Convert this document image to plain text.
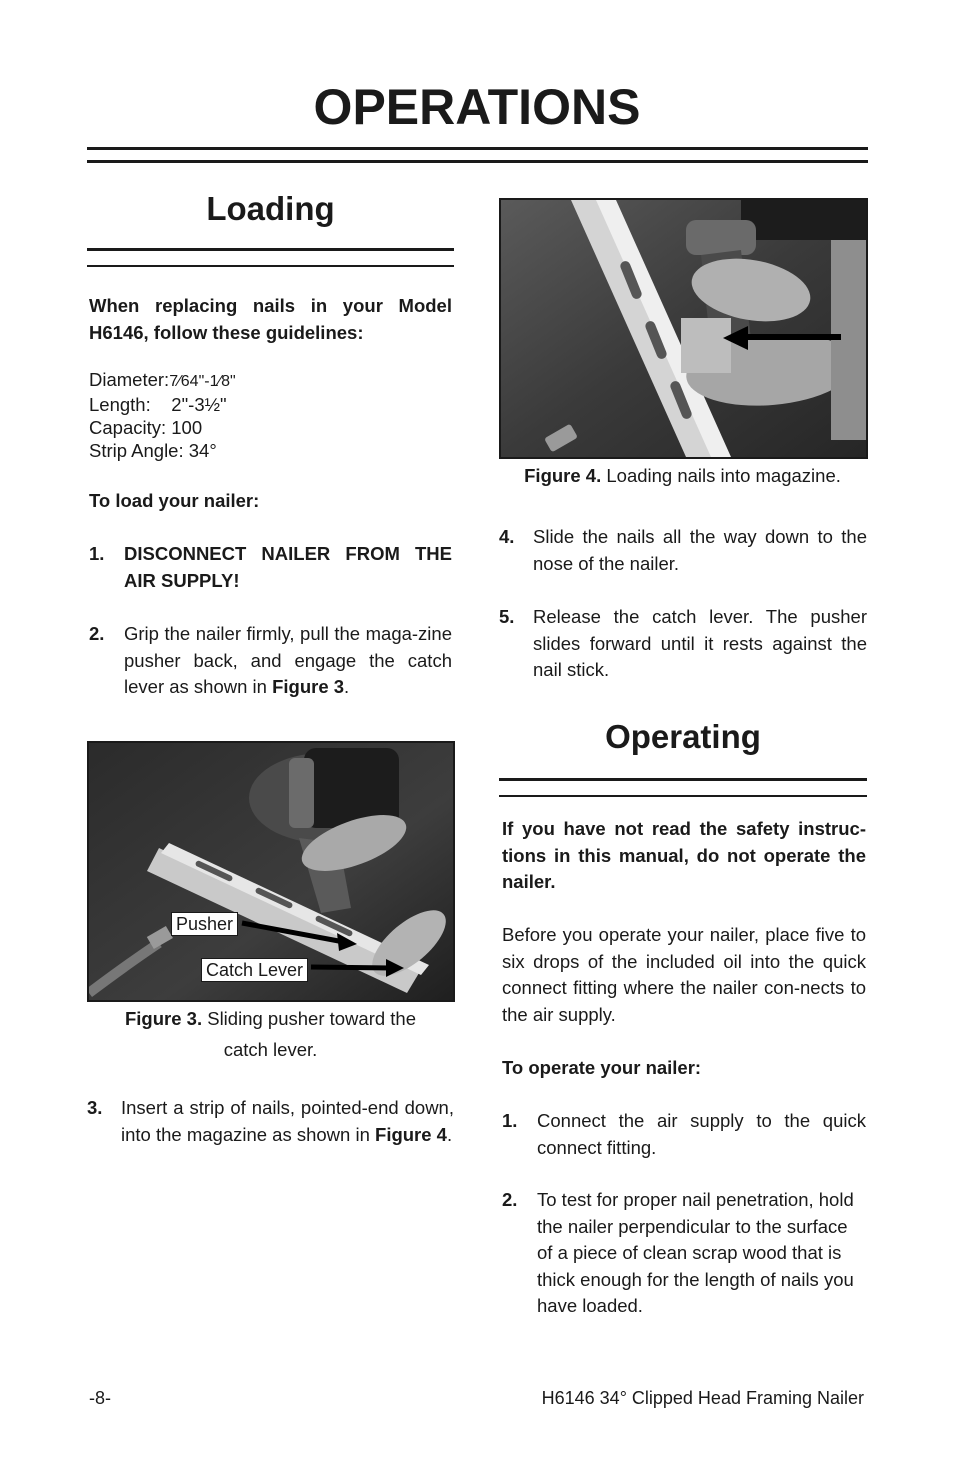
OPERATIONS
Loading
When replacing nails in your Model H6146, follow these guidelines:
Diameter:7⁄64"-1⁄8"
Length: 2"-3½"
Capacity: 100
Strip Angle: 34°
To load your nailer:
1. DISCONNECT NAILER FROM THE AIR SUPPLY!
2. Grip the nailer firmly, pull the maga-zine pusher back, and engage the catch lever as shown in Figure 3.
Pusher
Catch Lever
Figure 3. Sliding pusher toward the
catch lever.
3. Insert a strip of nails, pointed-end down, into the magazine as shown in Figure 4.
Figure 4. Loading nails into magazine.
4. Slide the nails all the way down to the nose of the nailer.
5. Release the catch lever. The pusher slides forward until it rests against the nail stick.
Operating
If you have not read the safety instruc-tions in this manual, do not operate the nailer.
Before you operate your nailer, place five to six drops of the included oil into the quick connect fitting where the nailer con-nects to the air supply.
To operate your nailer:
1. Connect the air supply to the quick connect fitting.
2. To test for proper nail penetration, hold the nailer perpendicular to the surface of a piece of clean scrap wood that is thick enough for the length of nails you have loaded.
-8-	H6146 34° Clipped Head Framing Nailer
